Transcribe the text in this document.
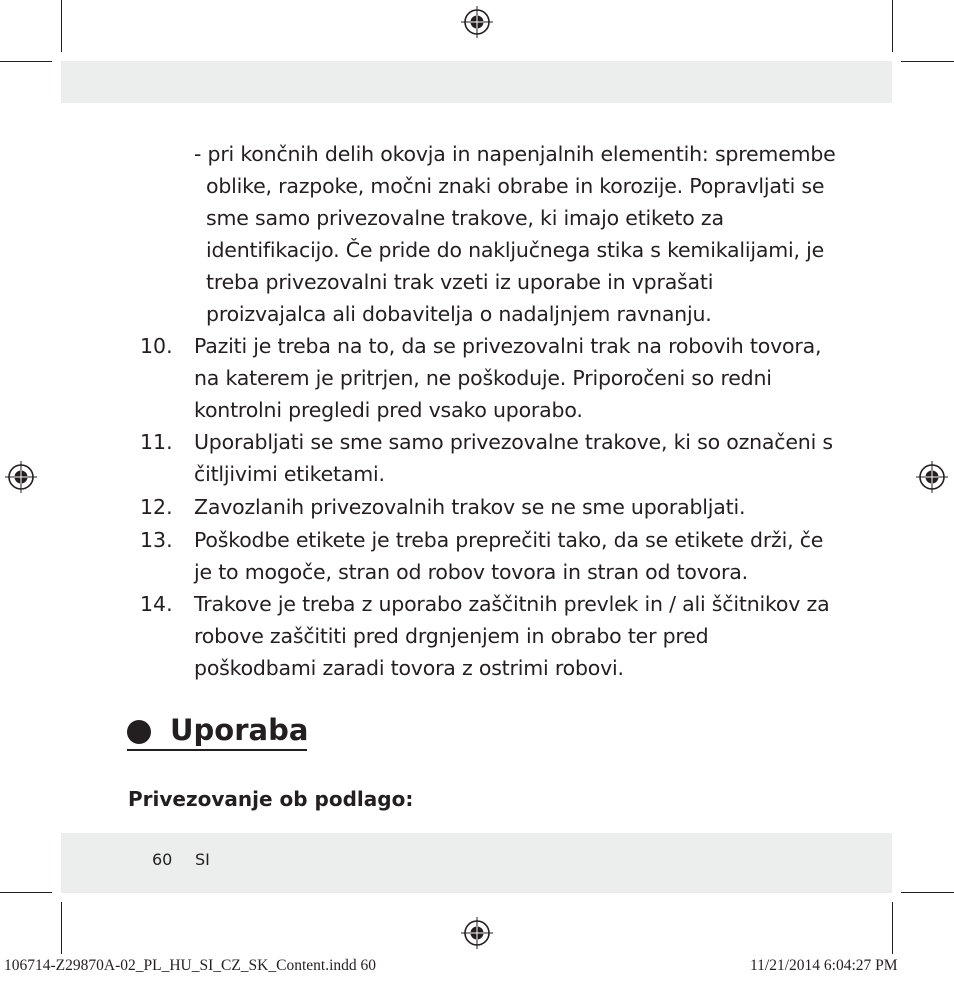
- pri končnih delih okovja in napenjalnih elementih: spremembe
oblike, razpoke, močni znaki obrabe in korozije. Popravljati se
sme samo privezovalne trakove, ki imajo etiketo za
identifikacijo. Če pride do naključnega stika s kemikalijami, je
treba privezovalni trak vzeti iz uporabe in vprašati
proizvajalca ali dobavitelja o nadaljnjem ravnanju.
10. Paziti je treba na to, da se privezovalni trak na robovih tovora,
na katerem je pritrjen, ne poškoduje. Priporočeni so redni
kontrolni pregledi pred vsako uporabo.
11. Uporabljati se sme samo privezovalne trakove, ki so označeni s
čitljivimi etiketami.
12. Zavozlanih privezovalnih trakov se ne sme uporabljati.
13. Poškodbe etikete je treba preprečiti tako, da se etikete drži, če
je to mogoče, stran od robov tovora in stran od tovora.
14. Trakove je treba z uporabo zaščitnih prevlek in / ali ščitnikov za
robove zaščititi pred drgnjenjem in obrabo ter pred
poškodbami zaradi tovora z ostrimi robovi.
Uporaba
Privezovanje ob podlago:
60 SI
106714-Z29870A-02_PL_HU_SI_CZ_SK_Content.indd 60	11/21/2014 6:04:27 PM
